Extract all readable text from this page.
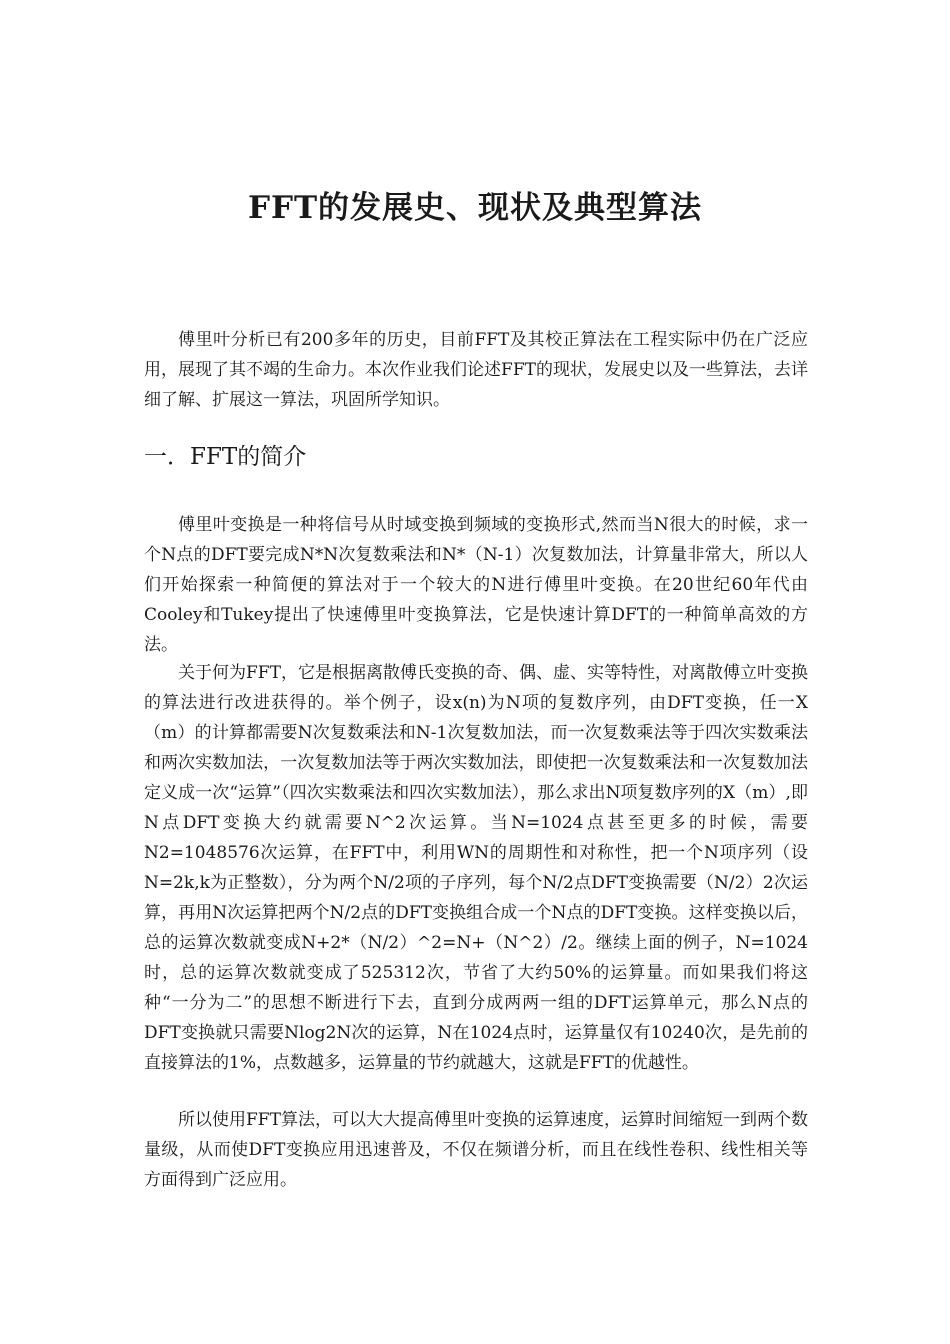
FFT的发展史、现状及典型算法

傅里叶分析已有200多年的历史，目前FFT及其校正算法在工程实际中仍在广泛应用，展现了其不竭的生命力。本次作业我们论述FFT的现状，发展史以及一些算法，去详细了解、扩展这一算法，巩固所学知识。

一．FFT的简介

傅里叶变换是一种将信号从时域变换到频域的变换形式,然而当N很大的时候，求一个N点的DFT要完成N*N次复数乘法和N*（N-1）次复数加法，计算量非常大，所以人们开始探索一种简便的算法对于一个较大的N进行傅里叶变换。在20世纪60年代由Cooley和Tukey提出了快速傅里叶变换算法，它是快速计算DFT的一种简单高效的方法。

关于何为FFT，它是根据离散傅氏变换的奇、偶、虚、实等特性，对离散傅立叶变换的算法进行改进获得的。举个例子，设x(n)为N项的复数序列，由DFT变换，任一X（m）的计算都需要N次复数乘法和N-1次复数加法，而一次复数乘法等于四次实数乘法和两次实数加法，一次复数加法等于两次实数加法，即使把一次复数乘法和一次复数加法定义成一次“运算”（四次实数乘法和四次实数加法），那么求出N项复数序列的X（m）,即N点DFT变换大约就需要N^2次运算。当N=1024点甚至更多的时候，需要N2=1048576次运算，在FFT中，利用WN的周期性和对称性，把一个N项序列（设N=2k,k为正整数），分为两个N/2项的子序列，每个N/2点DFT变换需要（N/2）2次运算，再用N次运算把两个N/2点的DFT变换组合成一个N点的DFT变换。这样变换以后，总的运算次数就变成N+2*（N/2）^2=N+（N^2）/2。继续上面的例子，N=1024时，总的运算次数就变成了525312次，节省了大约50%的运算量。而如果我们将这种“一分为二”的思想不断进行下去，直到分成两两一组的DFT运算单元，那么N点的DFT变换就只需要Nlog2N次的运算，N在1024点时，运算量仅有10240次，是先前的直接算法的1%，点数越多，运算量的节约就越大，这就是FFT的优越性。

所以使用FFT算法，可以大大提高傅里叶变换的运算速度，运算时间缩短一到两个数量级，从而使DFT变换应用迅速普及，不仅在频谱分析，而且在线性卷积、线性相关等方面得到广泛应用。
